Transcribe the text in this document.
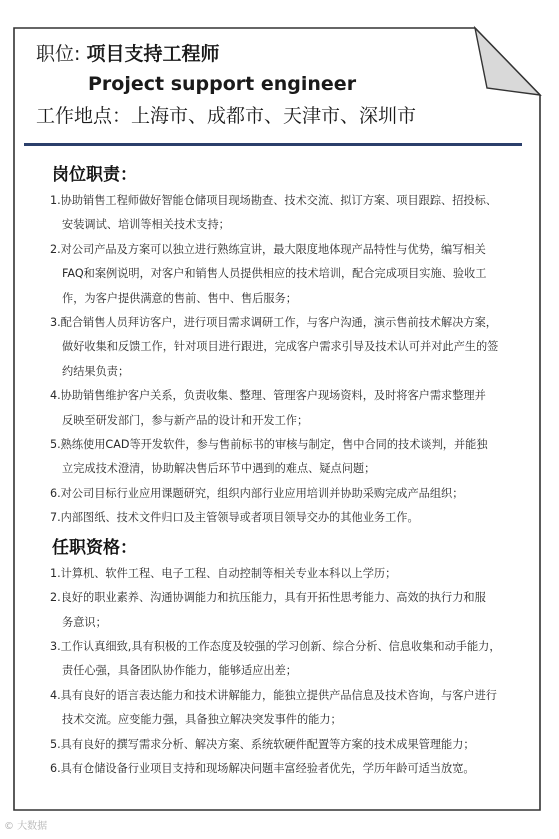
职位: 项目支持工程师
Project support engineer
工作地点：上海市、成都市、天津市、深圳市
岗位职责：
1.协助销售工程师做好智能仓储项目现场勘查、技术交流、拟订方案、项目跟踪、招投标、
安装调试、培训等相关技术支持；
2.对公司产品及方案可以独立进行熟练宣讲，最大限度地体现产品特性与优势，编写相关
FAQ和案例说明，对客户和销售人员提供相应的技术培训，配合完成项目实施、验收工
作，为客户提供满意的售前、售中、售后服务；
3.配合销售人员拜访客户，进行项目需求调研工作，与客户沟通，演示售前技术解决方案，
做好收集和反馈工作，针对项目进行跟进，完成客户需求引导及技术认可并对此产生的签
约结果负责；
4.协助销售维护客户关系，负责收集、整理、管理客户现场资料，及时将客户需求整理并
反映至研发部门，参与新产品的设计和开发工作；
5.熟练使用CAD等开发软件，参与售前标书的审核与制定，售中合同的技术谈判，并能独
立完成技术澄清，协助解决售后环节中遇到的难点、疑点问题；
6.对公司目标行业应用课题研究，组织内部行业应用培训并协助采购完成产品组织；
7.内部图纸、技术文件归口及主管领导或者项目领导交办的其他业务工作。
任职资格：
1.计算机、软件工程、电子工程、自动控制等相关专业本科以上学历；
2.良好的职业素养、沟通协调能力和抗压能力，具有开拓性思考能力、高效的执行力和服
务意识；
3.工作认真细致,具有积极的工作态度及较强的学习创新、综合分析、信息收集和动手能力，
责任心强，具备团队协作能力，能够适应出差；
4.具有良好的语言表达能力和技术讲解能力，能独立提供产品信息及技术咨询，与客户进行
技术交流。应变能力强，具备独立解决突发事件的能力；
5.具有良好的撰写需求分析、解决方案、系统软硬件配置等方案的技术成果管理能力；
6.具有仓储设备行业项目支持和现场解决问题丰富经验者优先，学历年龄可适当放宽。
© 大数据
